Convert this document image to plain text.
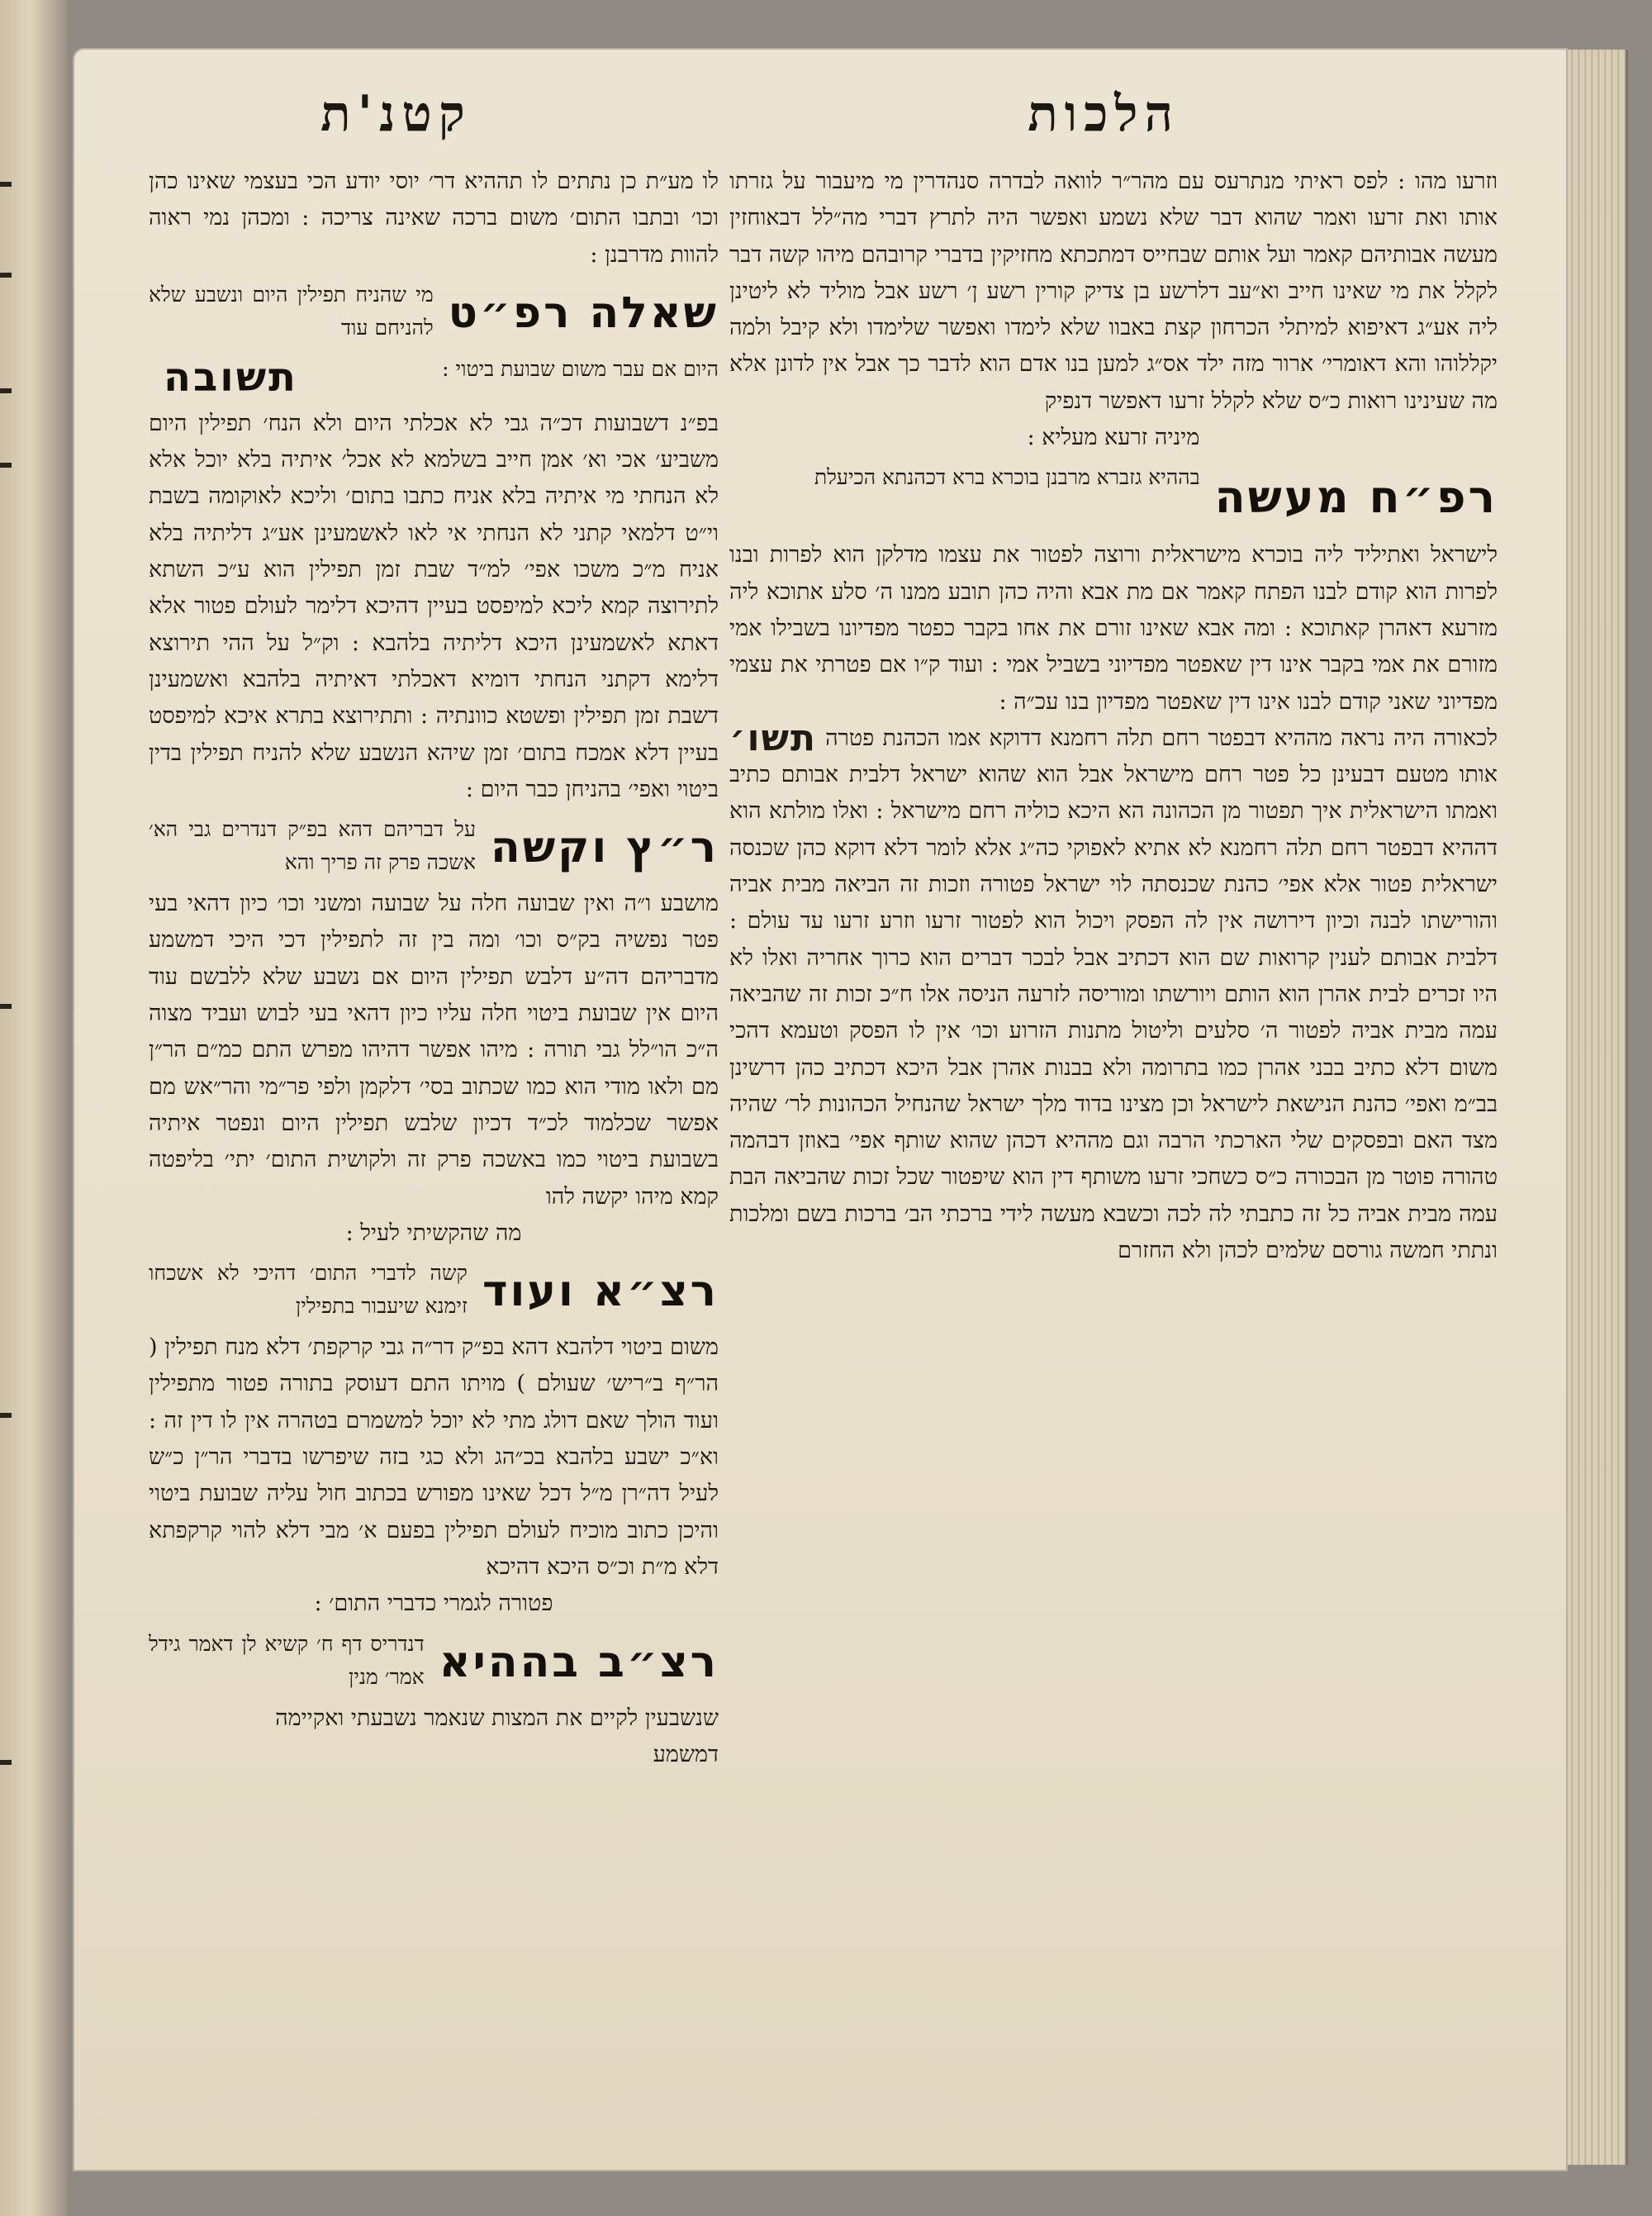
הלכות
קטנ'ת

וזרעו מהו : לפס ראיתי מנתרעס עם מהר״ר לוואה לבדרה סנהדרין מי מיעבור על גזרתו אותו ואת זרעו ואמר שהוא דבר שלא נשמע ואפשר היה לתרץ דברי מה״לל דבאוחזין מעשה אבותיהם קאמר ועל אותם שבחייס דמתכתא מחזיקין בדברי קרובהם מיהו קשה דבר לקלל את מי שאינו חייב וא״עב דלרשע בן צדיק קורין רשע ן׳ רשע אבל מוליד לא ליטינן ליה אע״ג דאיפוא למיתלי הכרחון קצת באבוו שלא לימדו ואפשר שלימדו ולא קיבל ולמה יקללוהו והא דאומרי׳ ארור מזה ילד אס״ג למען בנו אדם הוא לדבר כך אבל אין לדונן אלא מה שעינינו רואות כ״ס שלא לקלל זרעו דאפשר דנפיק

מיניה זרעא מעליא :

רפ״ח מעשה
בההיא גזברא מרבנן בוכרא ברא דכהנתא הכיעלת

לישראל ואתיליד ליה בוכרא מישראלית ורוצה לפטור את עצמו מדלקן הוא לפרות ובנו לפרות הוא קודם לבנו הפתח קאמר אם מת אבא והיה כהן תובע ממנו ה׳ סלע אתוכא ליה מזרעא דאהרן קאתוכא : ומה אבא שאינו זורם את אחו בקבר כפטר מפדיונו בשבילו אמי מזורם את אמי בקבר אינו דין שאפטר מפדיוני בשביל אמי : ועוד ק״ו אם פטרתי את עצמי מפדיוני שאני קודם לבנו אינו דין שאפטר מפדיון בנו עכ״ה :

תשו׳ לכאורה היה נראה מההיא דבפטר רחם תלה רחמנא דדוקא אמו הכהנת פטרה אותו מטעם דבעינן כל פטר רחם מישראל אבל הוא שהוא ישראל דלבית אבותם כתיב ואמתו הישראלית איך תפטור מן הכהונה הא היכא כוליה רחם מישראל : ואלו מולתא הוא דההיא דבפטר רחם תלה רחמנא לא אתיא לאפוקי כה״ג אלא לומר דלא דוקא כהן שכנסה ישראלית פטור אלא אפי׳ כהנת שכנסתה לוי ישראל פטורה וזכות זה הביאה מבית אביה והורישתו לבנה וכיון דירושה אין לה הפסק ויכול הוא לפטור זרעו וזרע זרעו עד עולם : דלבית אבותם לענין קרואות שם הוא דכתיב אבל לבכר דברים הוא כרוך אחריה ואלו לא היו זכרים לבית אהרן הוא הותם ויורשתו ומוריסה לזרעה הניסה אלו ח״כ זכות זה שהביאה עמה מבית אביה לפטור ה׳ סלעים וליטול מתנות הזרוע וכו׳ אין לו הפסק וטעמא דהכי משום דלא כתיב בבני אהרן כמו בתרומה ולא בבנות אהרן אבל היכא דכתיב כהן דרשינן בב״מ ואפי׳ כהנת הנישאת לישראל וכן מצינו בדוד מלך ישראל שהנחיל הכהונות לר׳ שהיה מצד האם ובפסקים שלי הארכתי הרבה וגם מההיא דכהן שהוא שותף אפי׳ באוזן דבהמה טהורה פוטר מן הבכורה כ״ס כשחכי זרעו משותף דין הוא שיפטור שכל זכות שהביאה הבת עמה מבית אביה כל זה כתבתי לה לכה וכשבא מעשה לידי ברכתי הב׳ ברכות בשם ומלכות ונתתי חמשה גורסם שלמים לכהן ולא החזרם

לו מע״ת כן נתתים לו תההיא דר׳ יוסי יודע הכי בעצמי שאינו כהן וכו׳ ובתבו התום׳ משום ברכה שאינה צריכה : ומכהן נמי ראוה להוות מדרבנן :

שאלה רפ״ט
מי שהניח תפילין היום ונשבע שלא להניחם עוד
תשובה	היום אם עבר משום שבועת ביטוי :

בפ״נ דשבועות דכ״ה גבי לא אכלתי היום ולא הנח׳ תפילין היום משביע׳ אכי וא׳ אמן חייב בשלמא לא אכל׳ איתיה בלא יוכל אלא לא הנחתי מי איתיה בלא אניח כתבו בתום׳ וליכא לאוקומה בשבת וי״ט דלמאי קתני לא הנחתי אי לאו לאשמעינן אע״ג דליתיה בלא אניח מ״כ משכו אפי׳ למ״ד שבת זמן תפילין הוא ע״כ השתא לתירוצה קמא ליכא למיפסט בעיין דהיכא דלימר לעולם פטור אלא דאתא לאשמעינן היכא דליתיה בלהבא : וק״ל על ההי תירוצא דלימא דקתני הנחתי דומיא דאכלתי דאיתיה בלהבא ואשמעינן דשבת זמן תפילין ופשטא כוונתיה : ותתירוצא בתרא איכא למיפסט בעיין דלא אמכח בתום׳ זמן שיהא הנשבע שלא להניח תפילין בדין ביטוי ואפי׳ בהניחן כבר היום :

ר״ץ וקשה
על דבריהם דהא בפ״ק דנדרים גבי הא׳ אשכה פרק זה פריך והא

מושבע ו״ה ואין שבועה חלה על שבועה ומשני וכו׳ כיון דהאי בעי פטר נפשיה בק״ס וכו׳ ומה בין זה לתפילין דכי היכי דמשמע מדבריהם דה״ע דלבש תפילין היום אם נשבע שלא ללבשם עוד היום אין שבועת ביטוי חלה עליו כיון דהאי בעי לבוש ועביד מצוה ה״כ הו״לל גבי תורה : מיהו אפשר דהיהו מפרש התם כמ״ם הר״ן מם ולאו מודי הוא כמו שכתוב בסי׳ דלקמן ולפי פר״מי והר״אש מם אפשר שכלמוד לכ״ד דכיון שלבש תפילין היום ונפטר איתיה בשבועת ביטוי כמו באשכה פרק זה ולקושית התום׳ יתי׳ בליפטה קמא מיהו יקשה להו

מה שהקשיתי לעיל :

רצ״א ועוד
קשה לדברי התום׳ דהיכי לא אשכחו זימנא שיעבור בתפילין

משום ביטוי דלהבא דהא בפ״ק דר״ה גבי קרקפת׳ דלא מנח תפילין ( הר״ף ב״ריש׳ שעולם ) מויתו התם דעוסק בתורה פטור מתפילין ועוד הולך שאם דולג מתי לא יוכל למשמרם בטהרה אין לו דין זה : וא״כ ישבע בלהבא בכ״הג ולא כגי בזה שיפרשו בדברי הר״ן כ״ש לעיל דה״רן מ״ל דכל שאינו מפורש בכתוב חול עליה שבועת ביטוי והיכן כתוב מוכיח לעולם תפילין בפעם א׳ מבי דלא להוי קרקפתא דלא מ״ת וכ״ס היכא דהיכא

פטורה לגמרי כדברי התום׳ :

רצ״ב בההיא
דנדריס דף ח׳ קשיא לן דאמר גידל אמר׳ מנין

שנשבעין לקיים את המצות שנאמר נשבעתי ואקיימה

דמשמע
